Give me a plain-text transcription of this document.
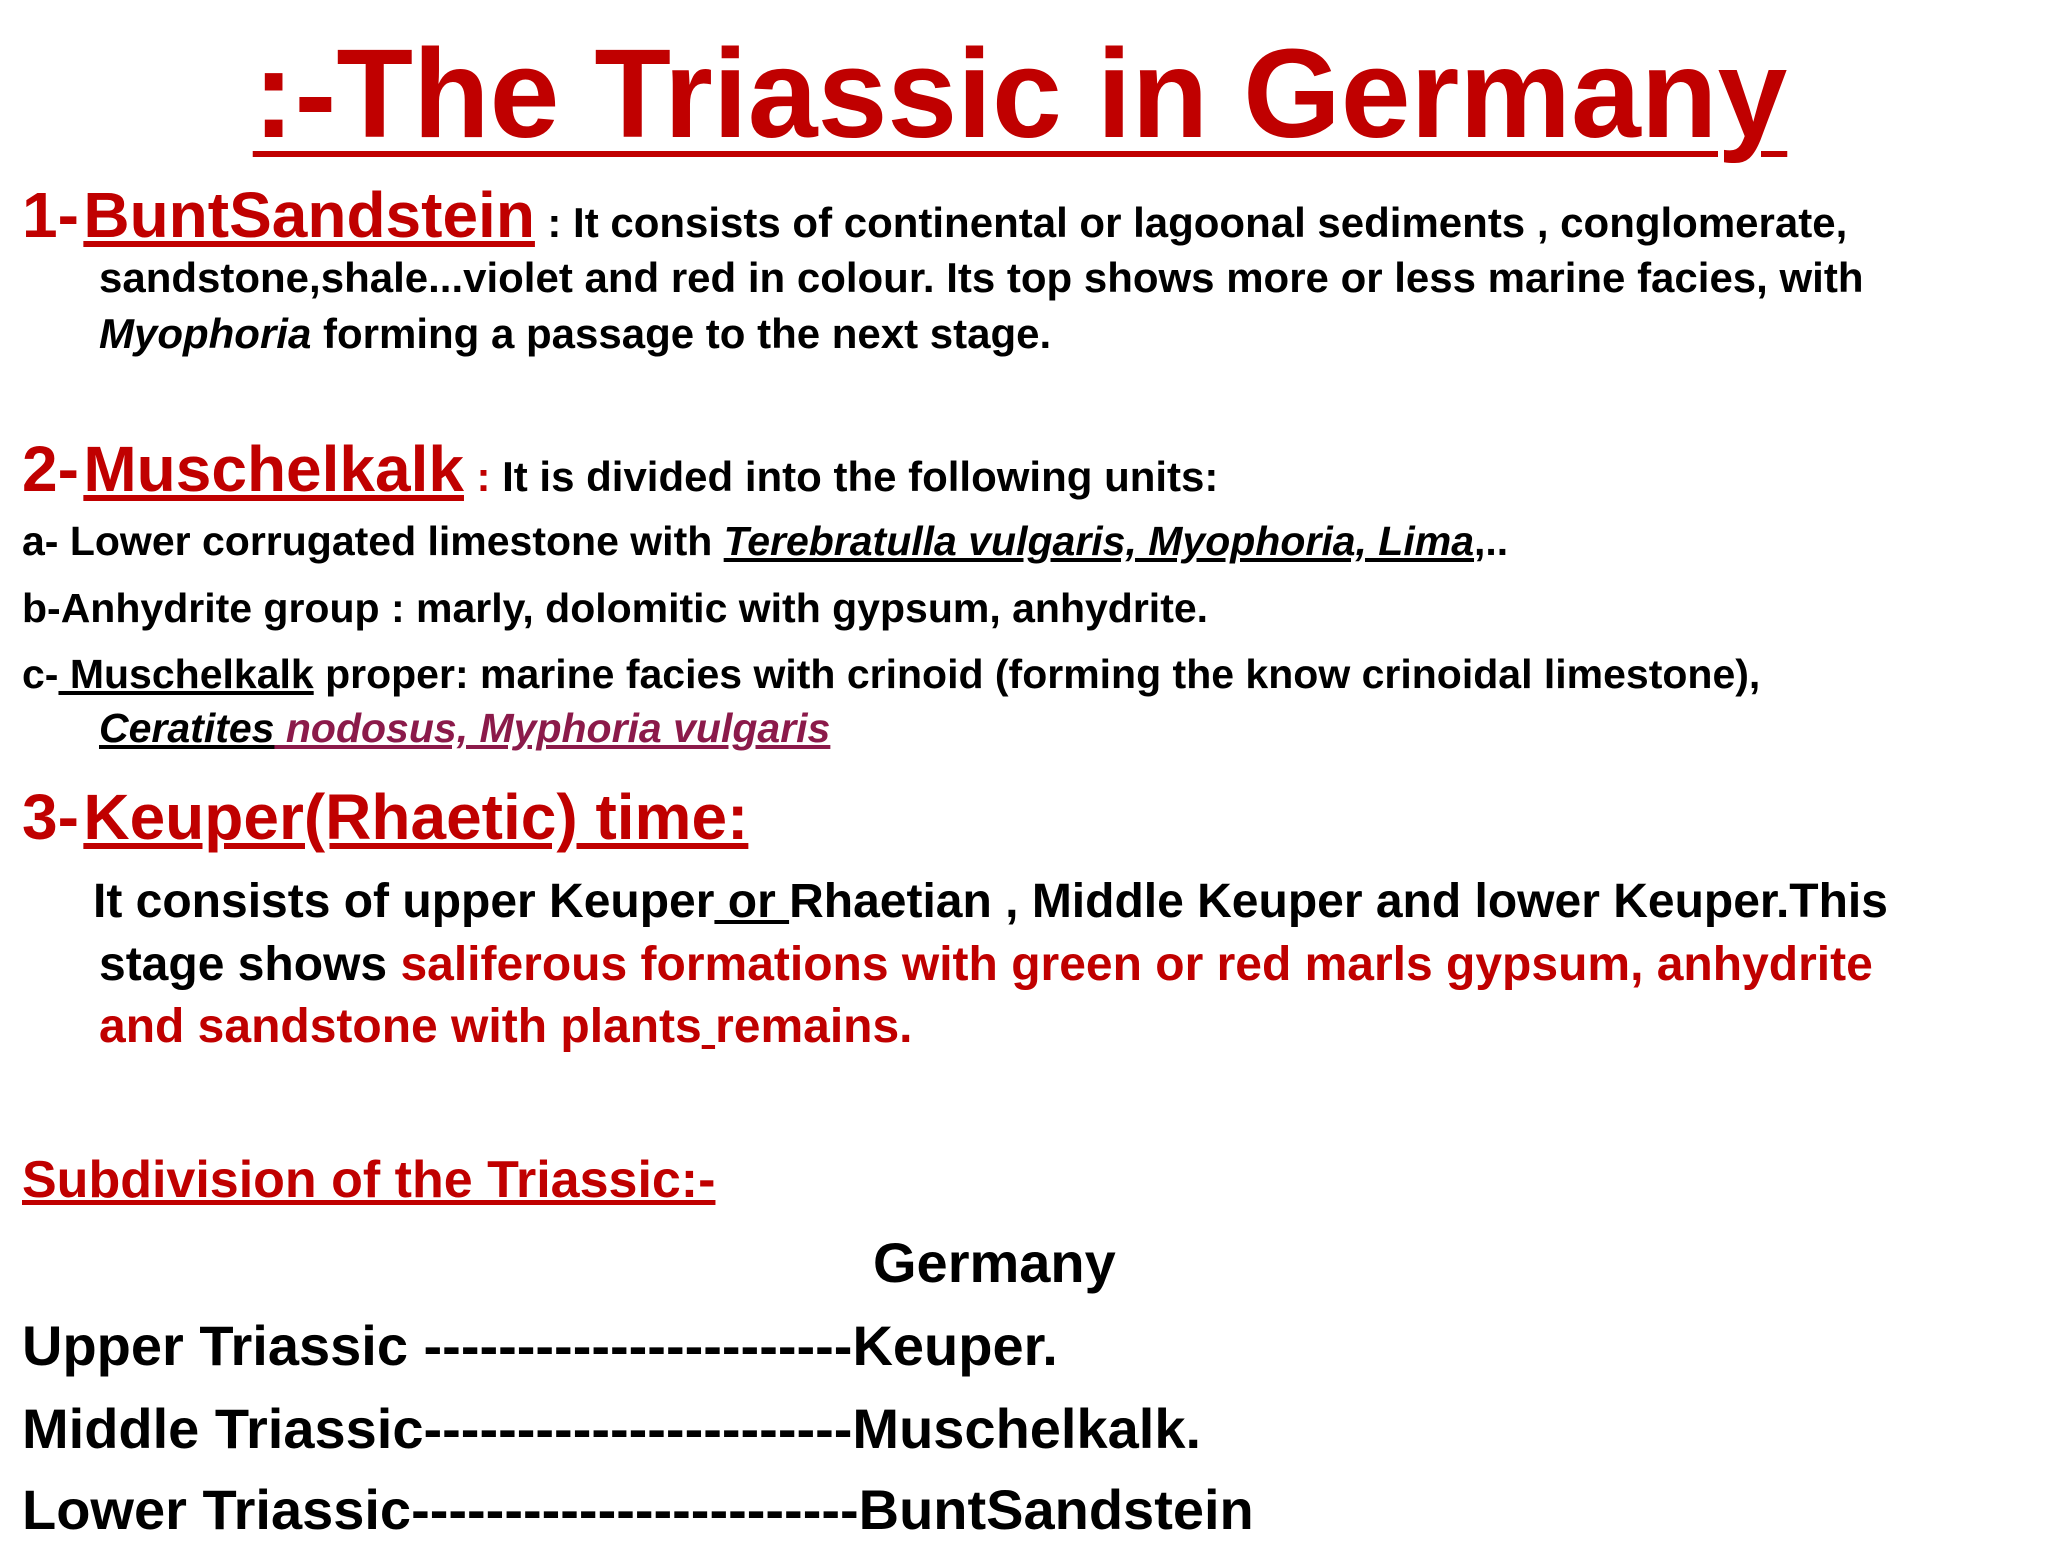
:-The Triassic in Germany
1- BuntSandstein : It consists of continental or lagoonal sediments , conglomerate,
sandstone,shale...violet and red in colour. Its top shows more or less marine facies, with
Myophoria forming a passage to the next stage.
2- Muschelkalk : It is divided into the following units:
a- Lower corrugated limestone with Terebratulla vulgaris, Myophoria, Lima,..
b-Anhydrite group : marly, dolomitic with gypsum, anhydrite.
c- Muschelkalk proper: marine facies with crinoid (forming the know crinoidal limestone),
Ceratites nodosus, Myphoria vulgaris
3- Keuper(Rhaetic) time:
It consists of upper Keuper or Rhaetian , Middle Keuper and lower Keuper.This
stage shows saliferous formations with green or red marls gypsum, anhydrite
and sandstone with plants remains.
Subdivision of the Triassic:-
Germany
Upper Triassic -----------------------Keuper.
Middle Triassic-----------------------Muschelkalk.
Lower Triassic------------------------BuntSandstein
